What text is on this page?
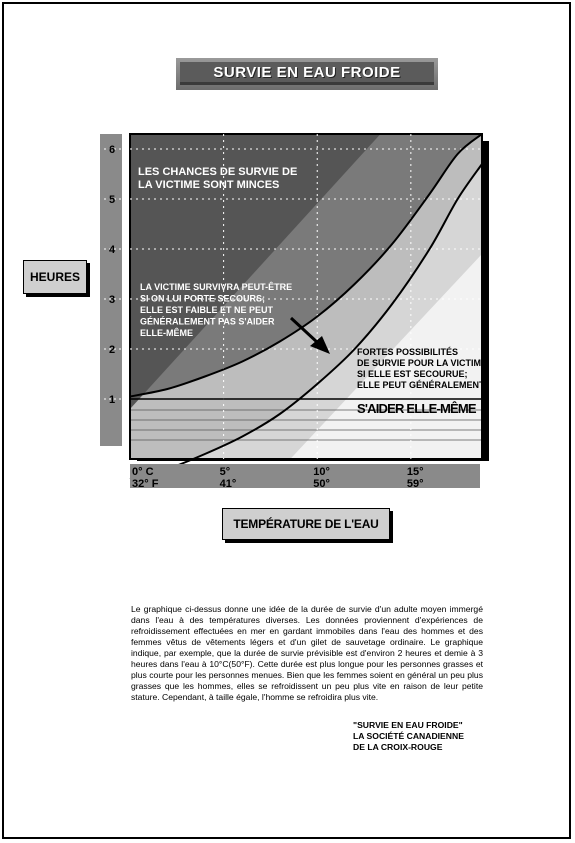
SURVIE EN EAU FROIDE
1
2
3
4
5
6
0° C
32° F
5°
41°
10°
50°
15°
59°
LES CHANCES DE SURVIE DE
LA VICTIME SONT MINCES
LA VICTIME SURVIVRA PEUT-ÊTRE
SI ON LUI PORTE SECOURS;
ELLE EST FAIBLE ET NE PEUT
GÉNÉRALEMENT PAS S'AIDER
ELLE-MÊME
FORTES POSSIBILITÉS
DE SURVIE POUR LA VICTIME
SI ELLE EST SECOURUE;
ELLE PEUT GÉNÉRALEMENT
S'AIDER ELLE-MÊME
HEURES
TEMPÉRATURE DE L'EAU
Le graphique ci-dessus donne une idée de la durée de survie d'un adulte moyen immergé dans l'eau à des températures diverses. Les données proviennent d'expériences de refroidissement effectuées en mer en gardant immobiles dans l'eau des hommes et des femmes vêtus de vêtements légers et d'un gilet de sauvetage ordinaire. Le graphique indique, par exemple, que la durée de survie prévisible est d'environ 2 heures et demie à 3 heures dans l'eau à 10°C(50°F). Cette durée est plus longue pour les personnes grasses et plus courte pour les personnes menues. Bien que les femmes soient en général un peu plus grasses que les hommes, elles se refroidissent un peu plus vite en raison de leur petite stature. Cependant, à taille égale, l'homme se refroidira plus vite.
"SURVIE EN EAU FROIDE"
LA SOCIÉTÉ CANADIENNE
DE LA CROIX-ROUGE
